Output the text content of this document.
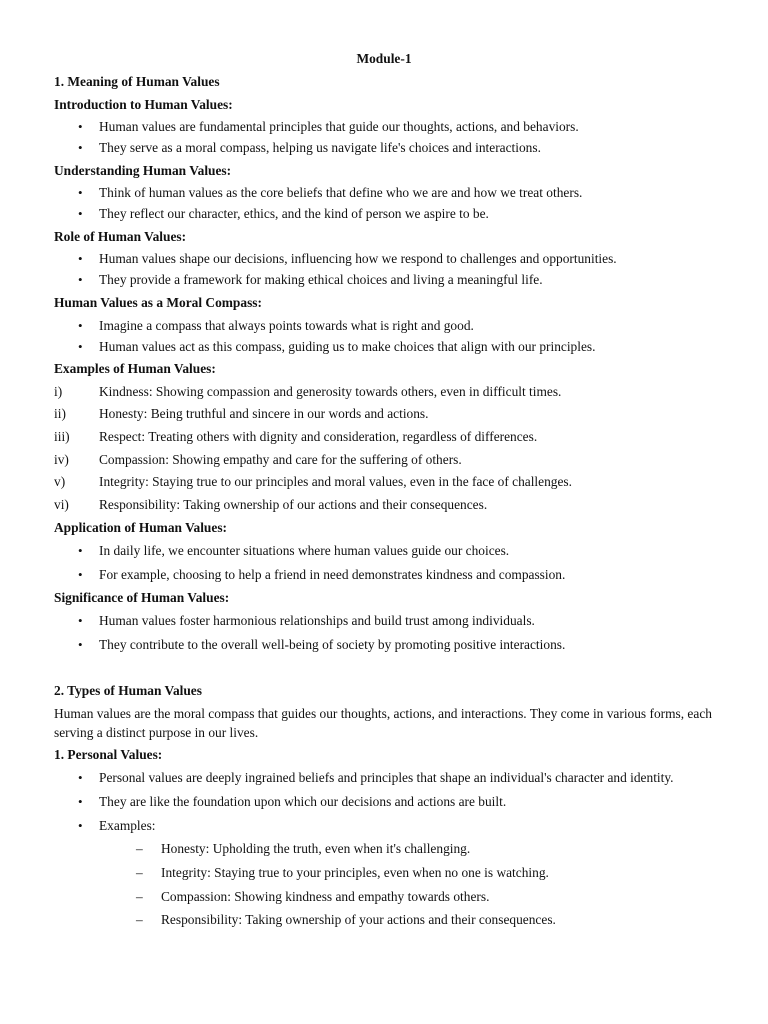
Module-1
1. Meaning of Human Values
Introduction to Human Values:
• Human values are fundamental principles that guide our thoughts, actions, and behaviors.
• They serve as a moral compass, helping us navigate life's choices and interactions.
Understanding Human Values:
• Think of human values as the core beliefs that define who we are and how we treat others.
• They reflect our character, ethics, and the kind of person we aspire to be.
Role of Human Values:
• Human values shape our decisions, influencing how we respond to challenges and opportunities.
• They provide a framework for making ethical choices and living a meaningful life.
Human Values as a Moral Compass:
• Imagine a compass that always points towards what is right and good.
• Human values act as this compass, guiding us to make choices that align with our principles.
Examples of Human Values:
i)	Kindness: Showing compassion and generosity towards others, even in difficult times.
ii)	Honesty: Being truthful and sincere in our words and actions.
iii)	Respect: Treating others with dignity and consideration, regardless of differences.
iv)	Compassion: Showing empathy and care for the suffering of others.
v)	Integrity: Staying true to our principles and moral values, even in the face of challenges.
vi)	Responsibility: Taking ownership of our actions and their consequences.
Application of Human Values:
• In daily life, we encounter situations where human values guide our choices.
• For example, choosing to help a friend in need demonstrates kindness and compassion.
Significance of Human Values:
• Human values foster harmonious relationships and build trust among individuals.
• They contribute to the overall well-being of society by promoting positive interactions.
2. Types of Human Values
Human values are the moral compass that guides our thoughts, actions, and interactions. They come in various forms, each serving a distinct purpose in our lives.
1. Personal Values:
• Personal values are deeply ingrained beliefs and principles that shape an individual's character and identity.
• They are like the foundation upon which our decisions and actions are built.
• Examples:
– Honesty: Upholding the truth, even when it's challenging.
– Integrity: Staying true to your principles, even when no one is watching.
– Compassion: Showing kindness and empathy towards others.
– Responsibility: Taking ownership of your actions and their consequences.
